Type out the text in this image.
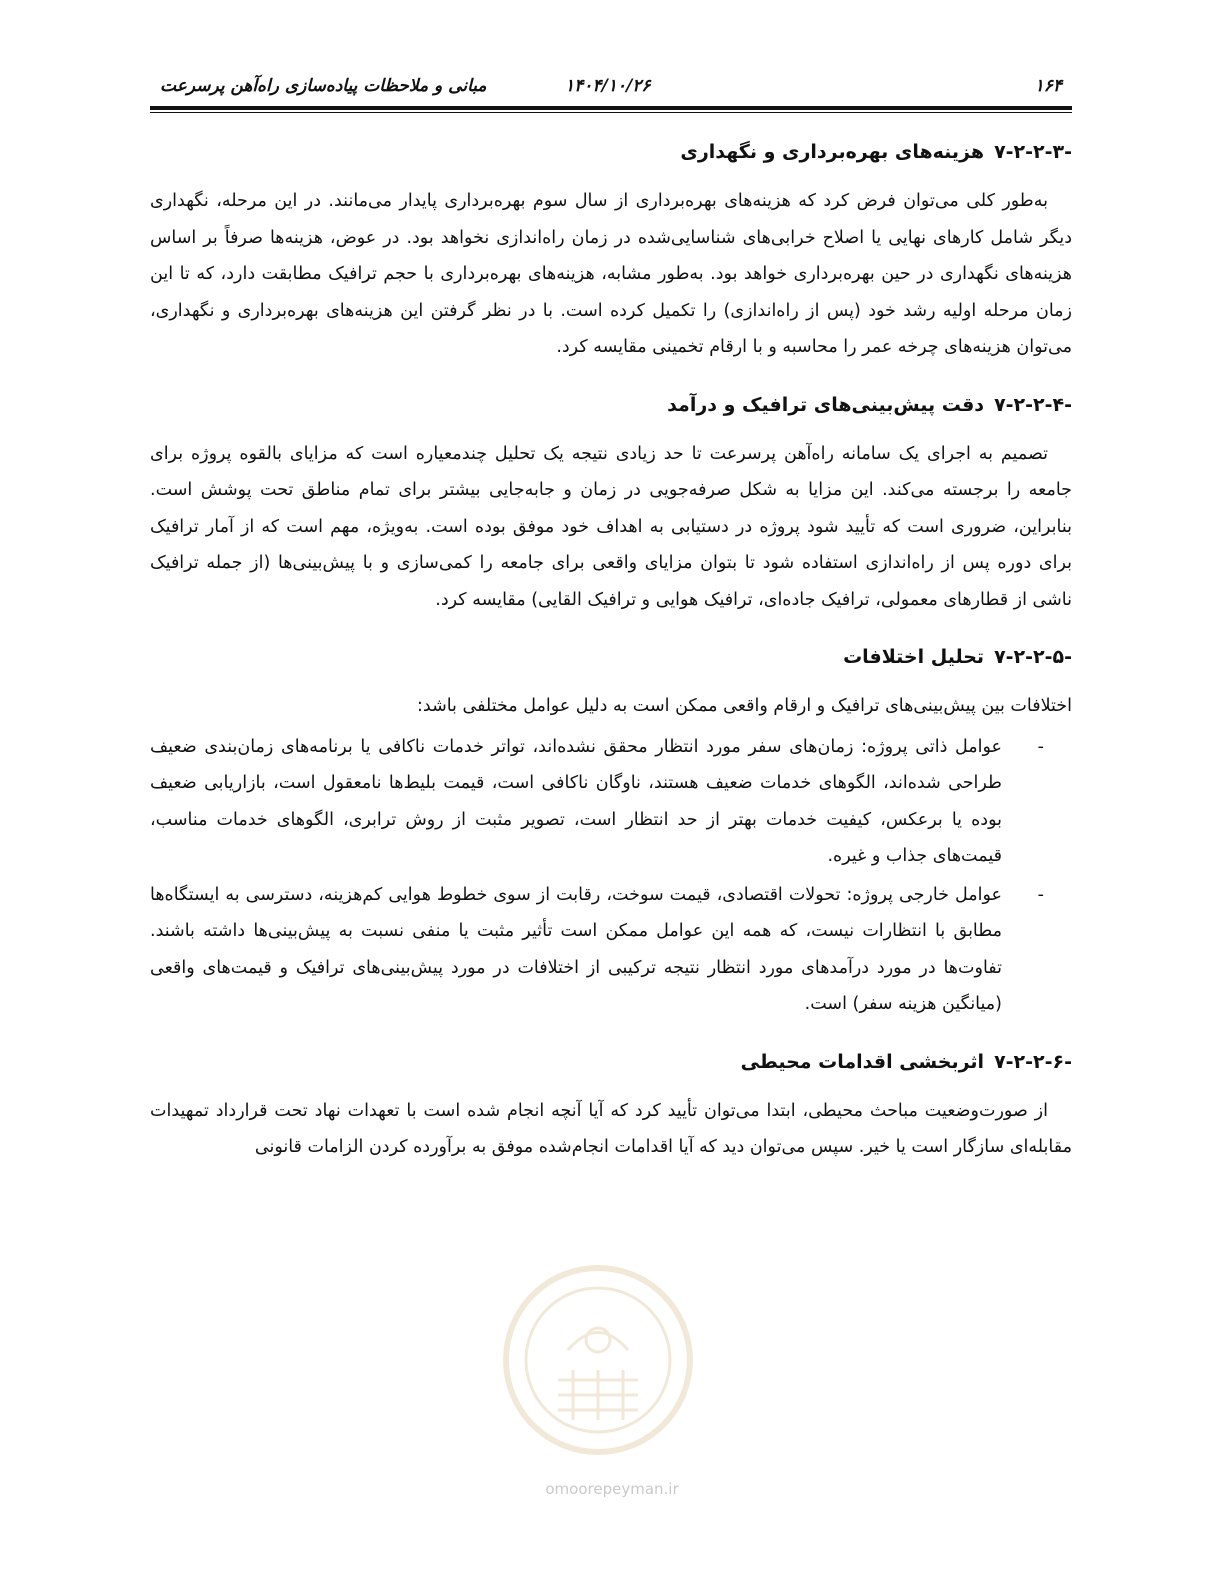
۱۶۴
۱۴۰۴/۱۰/۲۶
مبانی و ملاحظات پیاده‌سازی راه‌آهن پرسرعت
۷-۲-۲-۳-
هزینه‌های بهره‌برداری و نگهداری

به‌طور کلی می‌توان فرض کرد که هزینه‌های بهره‌برداری از سال سوم بهره‌برداری پایدار می‌مانند. در این مرحله، نگهداری دیگر شامل کارهای نهایی یا اصلاح خرابی‌های شناسایی‌شده در زمان راه‌اندازی نخواهد بود. در عوض، هزینه‌ها صرفاً بر اساس هزینه‌های نگهداری در حین بهره‌برداری خواهد بود. به‌طور مشابه، هزینه‌های بهره‌برداری با حجم ترافیک مطابقت دارد، که تا این زمان مرحله اولیه رشد خود (پس از راه‌اندازی) را تکمیل کرده است. با در نظر گرفتن این هزینه‌های بهره‌برداری و نگهداری، می‌توان هزینه‌های چرخه عمر را محاسبه و با ارقام تخمینی مقایسه کرد.

۷-۲-۲-۴-
دقت پیش‌بینی‌های ترافیک و درآمد

تصمیم به اجرای یک سامانه راه‌آهن پرسرعت تا حد زیادی نتیجه یک تحلیل چندمعیاره است که مزایای بالقوه پروژه برای جامعه را برجسته می‌کند. این مزایا به شکل صرفه‌جویی در زمان و جابه‌جایی بیشتر برای تمام مناطق تحت پوشش است. بنابراین، ضروری است که تأیید شود پروژه در دستیابی به اهداف خود موفق بوده است. به‌ویژه، مهم است که از آمار ترافیک برای دوره پس از راه‌اندازی استفاده شود تا بتوان مزایای واقعی برای جامعه را کمی‌سازی و با پیش‌بینی‌ها (از جمله ترافیک ناشی از قطارهای معمولی، ترافیک جاده‌ای، ترافیک هوایی و ترافیک القایی) مقایسه کرد.

۷-۲-۲-۵-
تحلیل اختلافات

اختلافات بین پیش‌بینی‌های ترافیک و ارقام واقعی ممکن است به دلیل عوامل مختلفی باشد:

-
عوامل ذاتی پروژه: زمان‌های سفر مورد انتظار محقق نشده‌اند، تواتر خدمات ناکافی یا برنامه‌های زمان‌بندی ضعیف طراحی شده‌اند، الگوهای خدمات ضعیف هستند، ناوگان ناکافی است، قیمت بلیط‌ها نامعقول است، بازاریابی ضعیف بوده یا برعکس، کیفیت خدمات بهتر از حد انتظار است، تصویر مثبت از روش ترابری، الگوهای خدمات مناسب، قیمت‌های جذاب و غیره.
-
عوامل خارجی پروژه: تحولات اقتصادی، قیمت سوخت، رقابت از سوی خطوط هوایی کم‌هزینه، دسترسی به ایستگاه‌ها مطابق با انتظارات نیست، که همه این عوامل ممکن است تأثیر مثبت یا منفی نسبت به پیش‌بینی‌ها داشته باشند. تفاوت‌ها در مورد درآمدهای مورد انتظار نتیجه ترکیبی از اختلافات در مورد پیش‌بینی‌های ترافیک و قیمت‌های واقعی (میانگین هزینه سفر) است.
۷-۲-۲-۶-
اثربخشی اقدامات محیطی

از صورت‌وضعیت مباحث محیطی، ابتدا می‌توان تأیید کرد که آیا آنچه انجام شده است با تعهدات نهاد تحت قرارداد تمهیدات مقابله‌ای سازگار است یا خیر. سپس می‌توان دید که آیا اقدامات انجام‌شده موفق به برآورده کردن الزامات قانونی

omoorepeyman.ir
